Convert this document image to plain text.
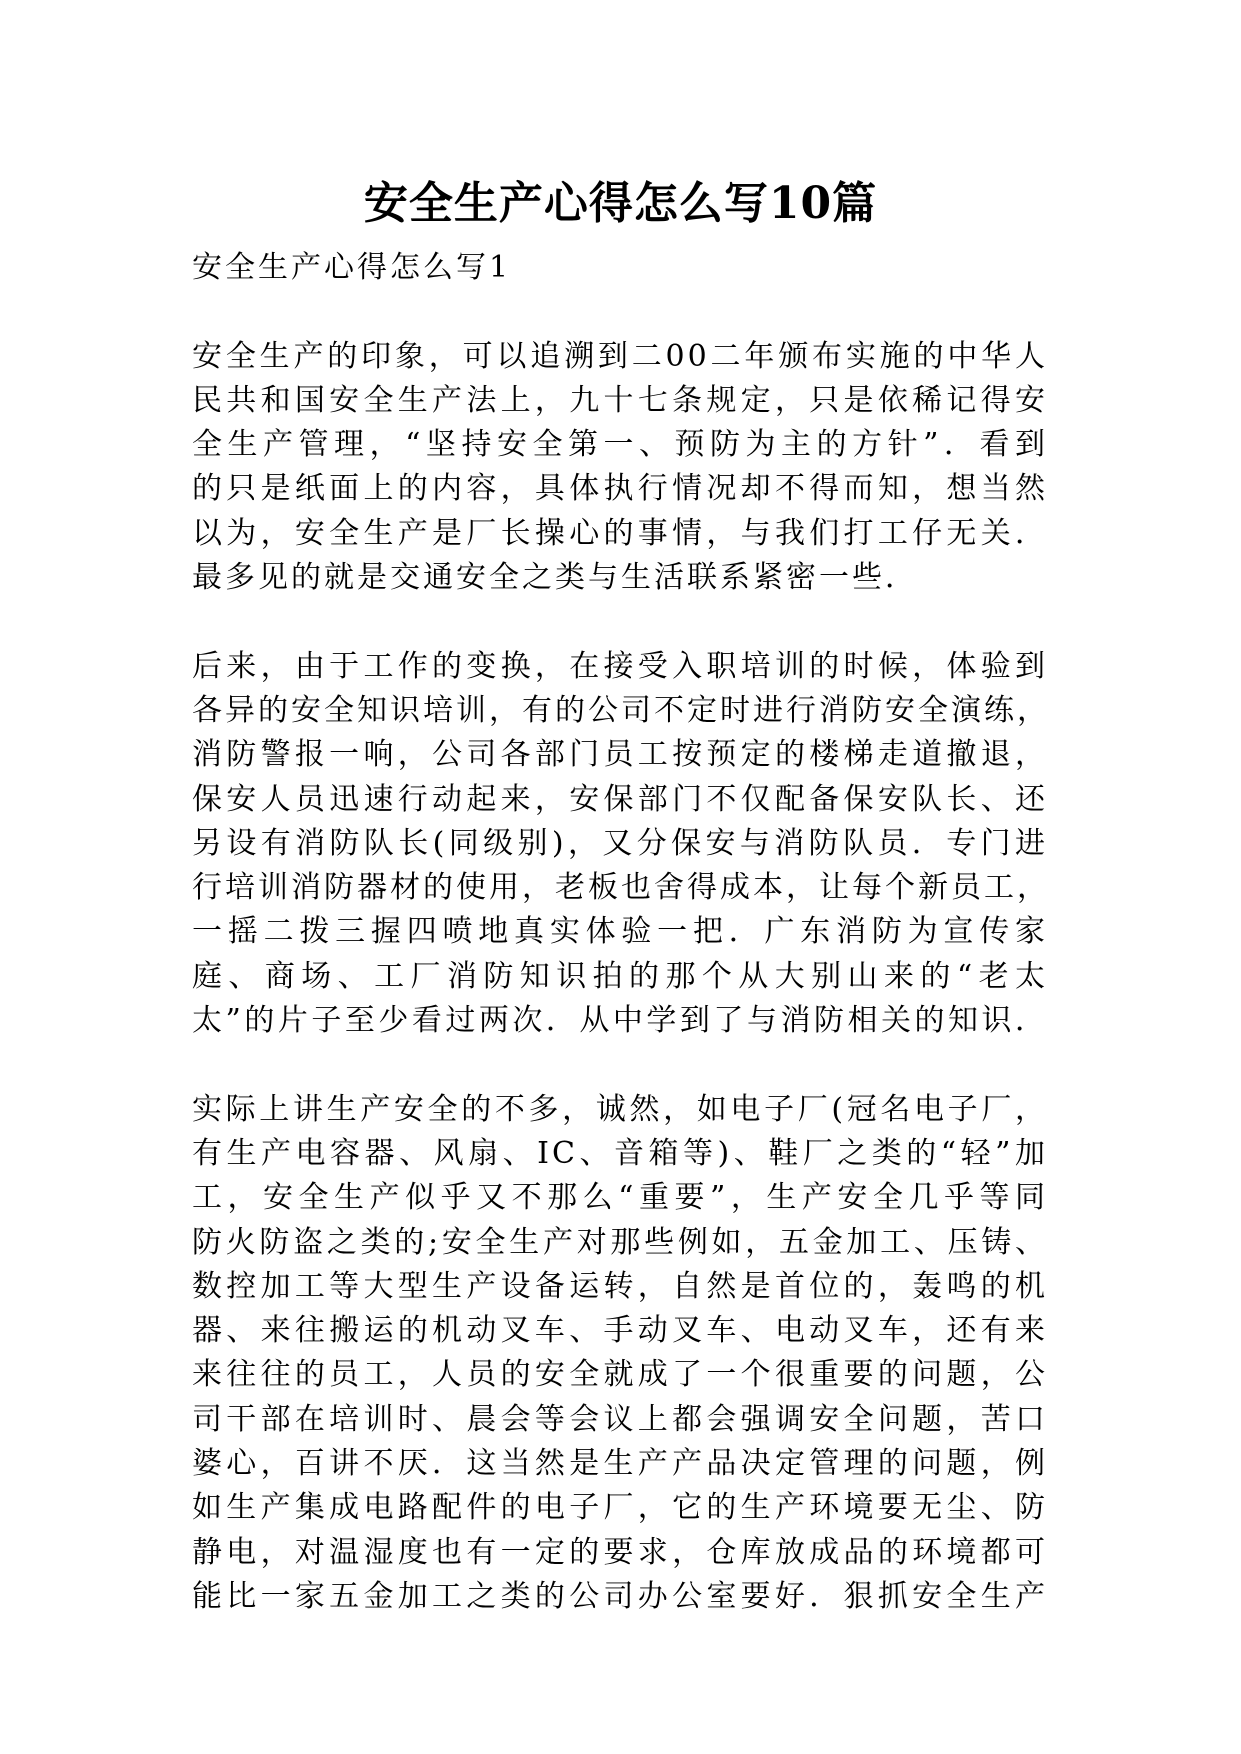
安全生产心得怎么写10篇
安全生产心得怎么写1
安全生产的印象，可以追溯到二00二年颁布实施的中华人
民共和国安全生产法上，九十七条规定，只是依稀记得安
全生产管理，“坚持安全第一、预防为主的方针”．看到
的只是纸面上的内容，具体执行情况却不得而知，想当然
以为，安全生产是厂长操心的事情，与我们打工仔无关．
最多见的就是交通安全之类与生活联系紧密一些．
后来，由于工作的变换，在接受入职培训的时候，体验到
各异的安全知识培训，有的公司不定时进行消防安全演练，
消防警报一响，公司各部门员工按预定的楼梯走道撤退，
保安人员迅速行动起来，安保部门不仅配备保安队长、还
另设有消防队长(同级别)，又分保安与消防队员．专门进
行培训消防器材的使用，老板也舍得成本，让每个新员工，
一摇二拨三握四喷地真实体验一把．广东消防为宣传家
庭、商场、工厂消防知识拍的那个从大别山来的“老太
太”的片子至少看过两次．从中学到了与消防相关的知识．
实际上讲生产安全的不多，诚然，如电子厂(冠名电子厂，
有生产电容器、风扇、IC、音箱等)、鞋厂之类的“轻”加
工，安全生产似乎又不那么“重要”，生产安全几乎等同
防火防盗之类的;安全生产对那些例如，五金加工、压铸、
数控加工等大型生产设备运转，自然是首位的，轰鸣的机
器、来往搬运的机动叉车、手动叉车、电动叉车，还有来
来往往的员工，人员的安全就成了一个很重要的问题，公
司干部在培训时、晨会等会议上都会强调安全问题，苦口
婆心，百讲不厌．这当然是生产产品决定管理的问题，例
如生产集成电路配件的电子厂，它的生产环境要无尘、防
静电，对温湿度也有一定的要求，仓库放成品的环境都可
能比一家五金加工之类的公司办公室要好．狠抓安全生产
